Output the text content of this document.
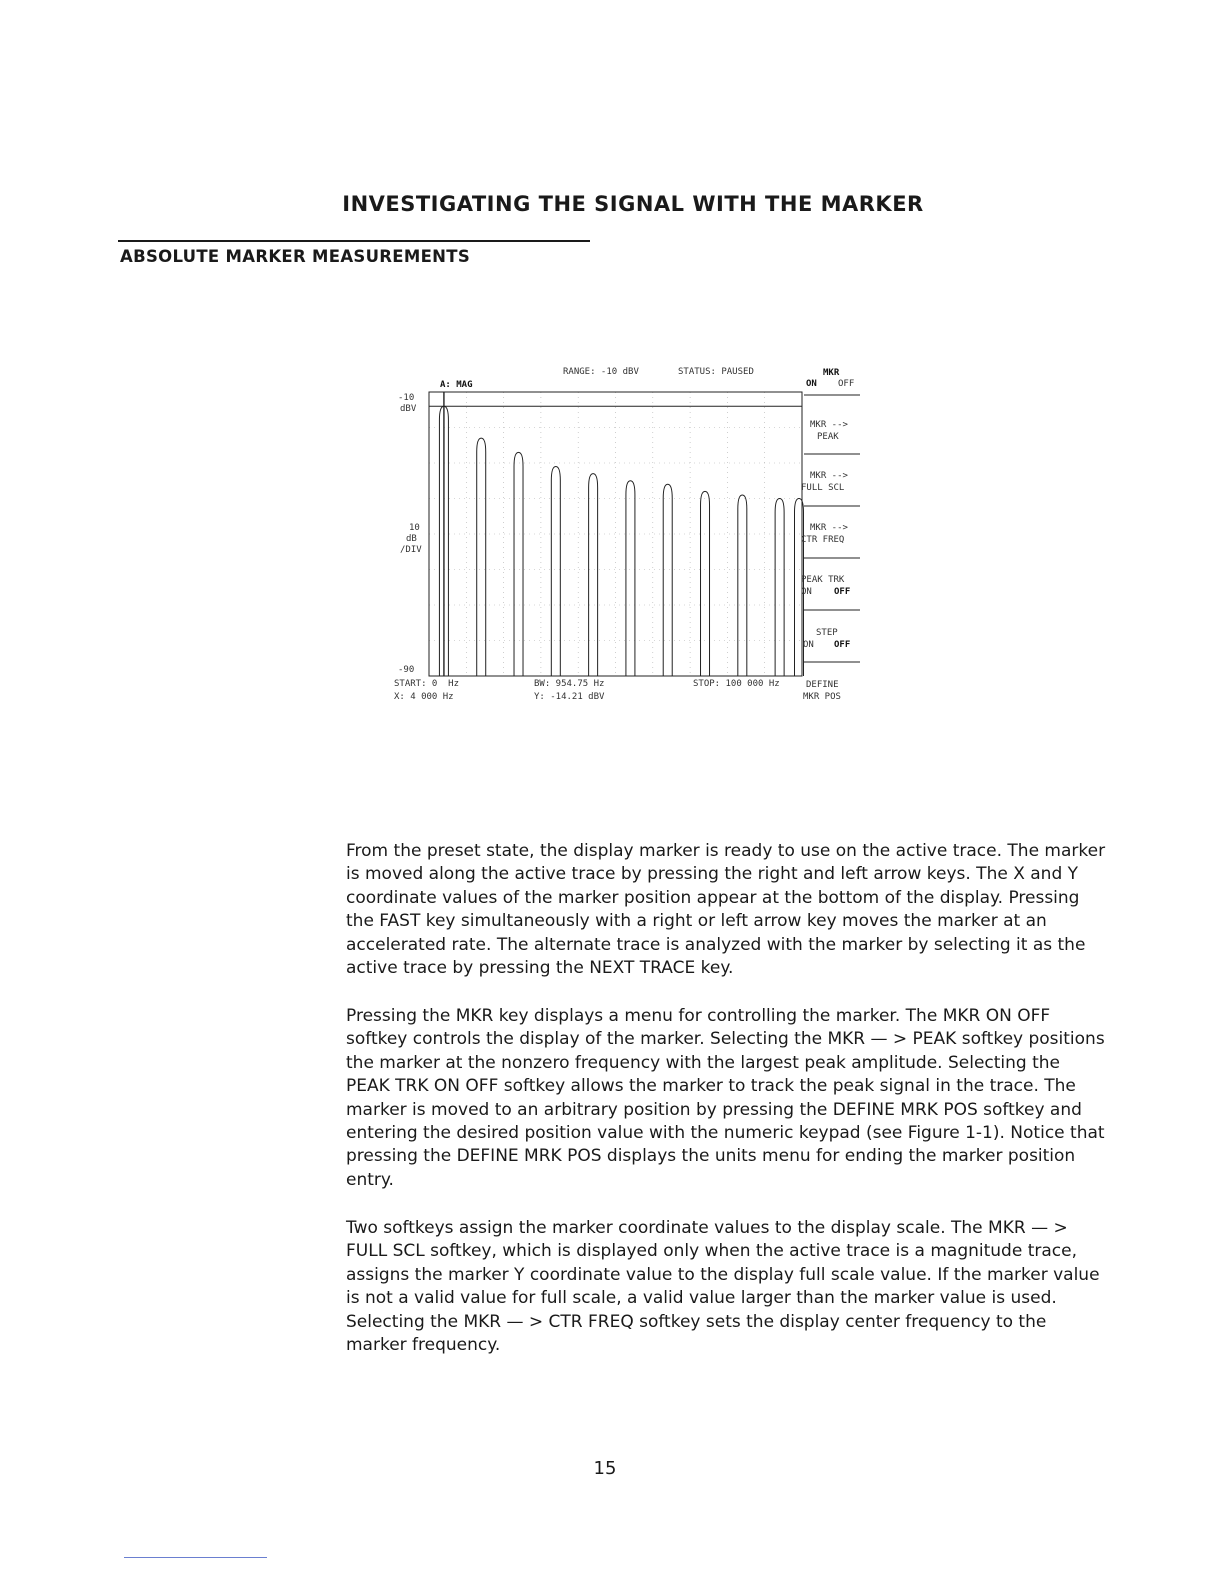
INVESTIGATING THE SIGNAL WITH THE MARKER
ABSOLUTE MARKER MEASUREMENTS
RANGE: -10 dBV	STATUS: PAUSED
A: MAG
-10
dBV
10
dB
/DIV
-90
START: 0  Hz	BW: 954.75 Hz	STOP: 100 000 Hz
X: 4 000 Hz	Y: -14.21 dBV
MKR
ON OFF
MKR -->
PEAK
MKR -->
FULL SCL
MKR -->
CTR FREQ
PEAK TRK
ON OFF
STEP
ON OFF
DEFINE
MKR POS
From the preset state, the display marker is ready to use on the active trace. The marker is moved along the active trace by pressing the right and left arrow keys. The X and Y coordinate values of the marker position appear at the bottom of the display. Pressing the FAST key simultaneously with a right or left arrow key moves the marker at an accelerated rate. The alternate trace is analyzed with the marker by selecting it as the active trace by pressing the NEXT TRACE key.
Pressing the MKR key displays a menu for controlling the marker. The MKR ON OFF softkey controls the display of the marker. Selecting the MKR — > PEAK softkey positions the marker at the nonzero frequency with the largest peak amplitude. Selecting the PEAK TRK ON OFF softkey allows the marker to track the peak signal in the trace. The marker is moved to an arbitrary position by pressing the DEFINE MRK POS softkey and entering the desired position value with the numeric keypad (see Figure 1-1). Notice that pressing the DEFINE MRK POS displays the units menu for ending the marker position entry.
Two softkeys assign the marker coordinate values to the display scale. The MKR — > FULL SCL softkey, which is displayed only when the active trace is a magnitude trace, assigns the marker Y coordinate value to the display full scale value. If the marker value is not a valid value for full scale, a valid value larger than the marker value is used. Selecting the MKR — > CTR FREQ softkey sets the display center frequency to the marker frequency.
15
